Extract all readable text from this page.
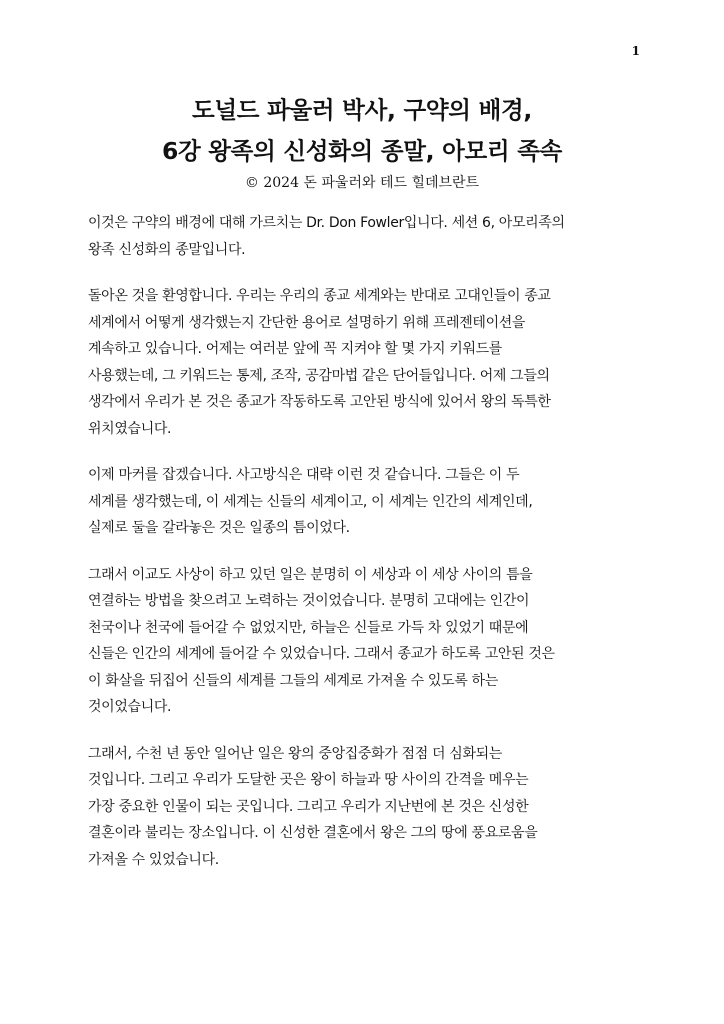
1
도널드 파울러 박사, 구약의 배경,
6강 왕족의 신성화의 종말, 아모리 족속
© 2024 돈 파울러와 테드 힐데브란트

이것은 구약의 배경에 대해 가르치는 Dr. Don Fowler입니다. 세션 6, 아모리족의
왕족 신성화의 종말입니다.

돌아온 것을 환영합니다. 우리는 우리의 종교 세계와는 반대로 고대인들이 종교
세계에서 어떻게 생각했는지 간단한 용어로 설명하기 위해 프레젠테이션을
계속하고 있습니다. 어제는 여러분 앞에 꼭 지켜야 할 몇 가지 키워드를
사용했는데, 그 키워드는 통제, 조작, 공감마법 같은 단어들입니다. 어제 그들의
생각에서 우리가 본 것은 종교가 작동하도록 고안된 방식에 있어서 왕의 독특한
위치였습니다.

이제 마커를 잡겠습니다. 사고방식은 대략 이런 것 같습니다. 그들은 이 두
세계를 생각했는데, 이 세계는 신들의 세계이고, 이 세계는 인간의 세계인데,
실제로 둘을 갈라놓은 것은 일종의 틈이었다.

그래서 이교도 사상이 하고 있던 일은 분명히 이 세상과 이 세상 사이의 틈을
연결하는 방법을 찾으려고 노력하는 것이었습니다. 분명히 고대에는 인간이
천국이나 천국에 들어갈 수 없었지만, 하늘은 신들로 가득 차 있었기 때문에
신들은 인간의 세계에 들어갈 수 있었습니다. 그래서 종교가 하도록 고안된 것은
이 화살을 뒤집어 신들의 세계를 그들의 세계로 가져올 수 있도록 하는
것이었습니다.

그래서, 수천 년 동안 일어난 일은 왕의 중앙집중화가 점점 더 심화되는
것입니다. 그리고 우리가 도달한 곳은 왕이 하늘과 땅 사이의 간격을 메우는
가장 중요한 인물이 되는 곳입니다. 그리고 우리가 지난번에 본 것은 신성한
결혼이라 불리는 장소입니다. 이 신성한 결혼에서 왕은 그의 땅에 풍요로움을
가져올 수 있었습니다.
